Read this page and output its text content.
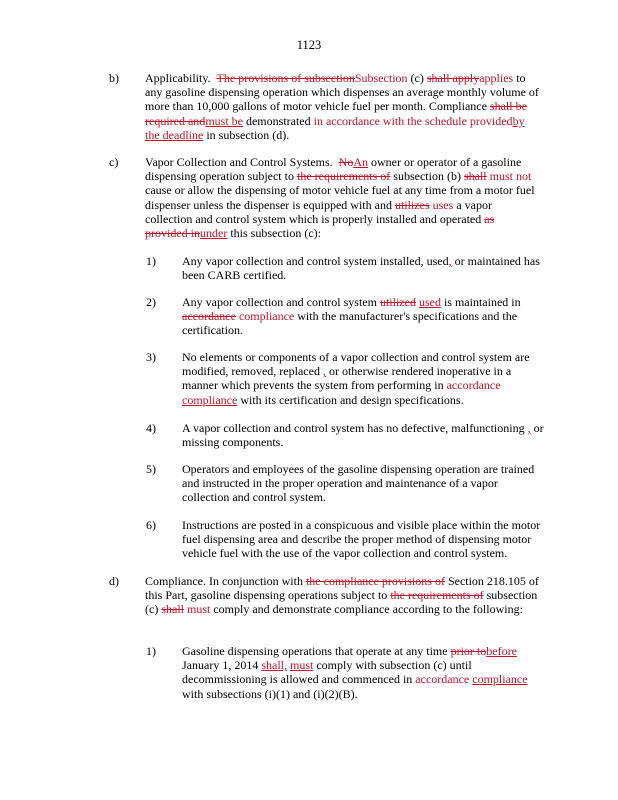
1123
b) Applicability. The provisions of subsectionSubsection (c) shall applyapplies to any gasoline dispensing operation which dispenses an average monthly volume of more than 10,000 gallons of motor vehicle fuel per month. Compliance shall be required andmust be demonstrated in accordance with the schedule providedby the deadline in subsection (d).
c) Vapor Collection and Control Systems. NoAn owner or operator of a gasoline dispensing operation subject to the requirements of subsection (b) shall must not cause or allow the dispensing of motor vehicle fuel at any time from a motor fuel dispenser unless the dispenser is equipped with and utilizes uses a vapor collection and control system which is properly installed and operated as provided inunder this subsection (c):
1) Any vapor collection and control system installed, used, or maintained has been CARB certified.
2) Any vapor collection and control system utilized used is maintained in accordance compliance with the manufacturer's specifications and the certification.
3) No elements or components of a vapor collection and control system are modified, removed, replaced , or otherwise rendered inoperative in a manner which prevents the system from performing in accordance compliance with its certification and design specifications.
4) A vapor collection and control system has no defective, malfunctioning , or missing components.
5) Operators and employees of the gasoline dispensing operation are trained and instructed in the proper operation and maintenance of a vapor collection and control system.
6) Instructions are posted in a conspicuous and visible place within the motor fuel dispensing area and describe the proper method of dispensing motor vehicle fuel with the use of the vapor collection and control system.
d) Compliance. In conjunction with the compliance provisions of Section 218.105 of this Part, gasoline dispensing operations subject to the requirements of subsection (c) shall must comply and demonstrate compliance according to the following:
1) Gasoline dispensing operations that operate at any time prior tobefore January 1, 2014 shall, must comply with subsection (c) until decommissioning is allowed and commenced in accordance compliance with subsections (i)(1) and (i)(2)(B).
